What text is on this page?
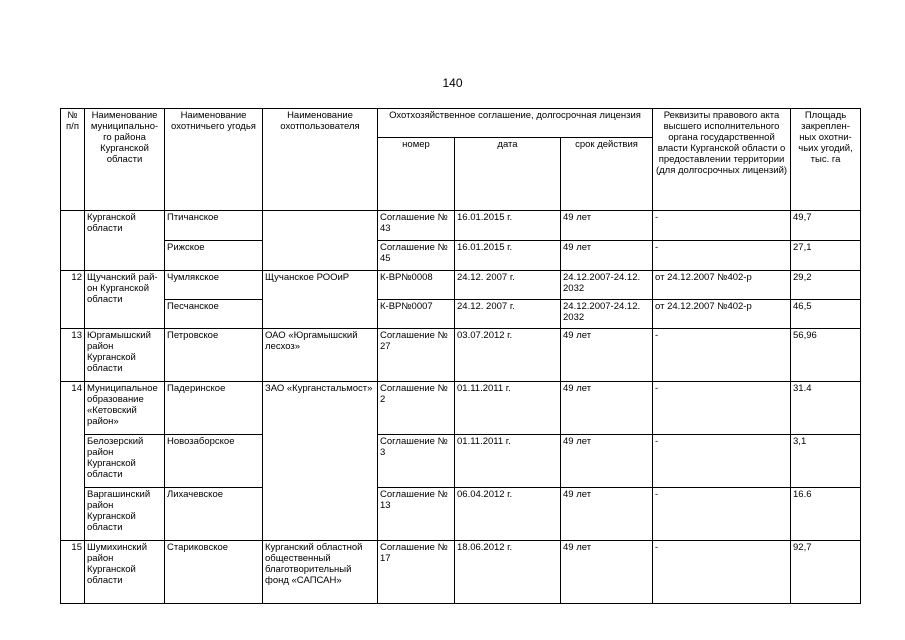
140
№ п/п	Наименование муниципально-го района Курганской области	Наименование охотничьего угодья	Наименование охотпользователя	Охотхозяйственное соглашение, долгосрочная лицензия			Реквизиты правового акта высшего исполнительного органа государственной власти Курганской области о предоставлении территории (для долгосрочных лицензий)	Площадь закреплен-ных охотни-чьих угодий, тыс. га
				номер	дата	срок действия		
	Курганской области	Птичанское		Соглашение № 43	16.01.2015 г.	49 лет	-	49,7
		Рижское		Соглашение № 45	16.01.2015 г.	49 лет	-	27,1
12	Щучанский рай-он Курганской области	Чумлякское	Щучанское РООиР	К-ВР№0008	24.12. 2007 г.	24.12.2007-24.12. 2032	от 24.12.2007 №402-р	29,2
		Песчанское		К-ВР№0007	24.12. 2007 г.	24.12.2007-24.12. 2032	от 24.12.2007 №402-р	46,5
13	Юргамышский район Курганской области	Петровское	ОАО «Юргамышский лесхоз»	Соглашение № 27	03.07.2012 г.	49 лет	-	56,96
14	Муниципальное образование «Кетовский район»	Падеринское	ЗАО «Курганстальмост»	Соглашение № 2	01.11.2011 г.	49 лет	-	31.4
	Белозерский район Курганской области	Новозаборское		Соглашение № 3	01.11.2011 г.	49 лет	-	3,1
	Варгашинский район Курганской области	Лихачевское		Соглашение № 13	06.04.2012 г.	49 лет	-	16.6
15	Шумихинский район Курганской области	Стариковское	Курганский областной общественный благотворительный фонд «САПСАН»	Соглашение № 17	18.06.2012 г.	49 лет	-	92,7
